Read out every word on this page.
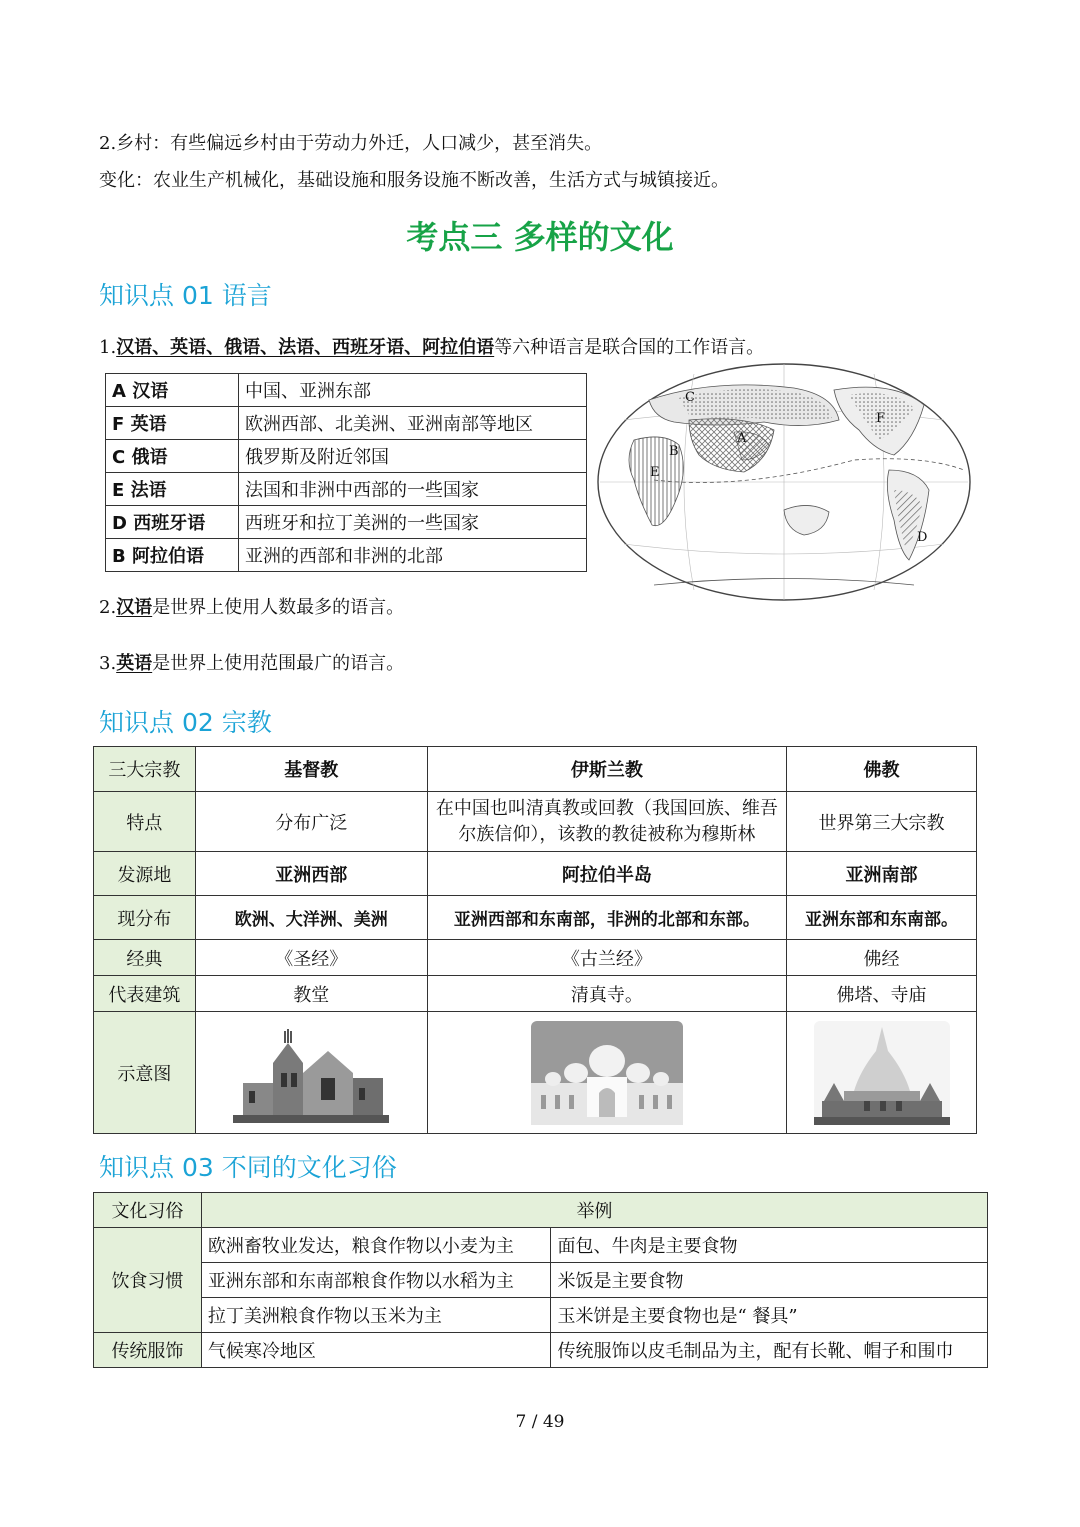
2.乡村：有些偏远乡村由于劳动力外迁，人口减少，甚至消失。
变化：农业生产机械化，基础设施和服务设施不断改善，生活方式与城镇接近。
考点三 多样的文化
知识点 01 语言
1.汉语、英语、俄语、法语、西班牙语、阿拉伯语等六种语言是联合国的工作语言。
A 汉语	中国、亚洲东部
F 英语	欧洲西部、北美洲、亚洲南部等地区
C 俄语	俄罗斯及附近邻国
E 法语	法国和非洲中西部的一些国家
D 西班牙语	西班牙和拉丁美洲的一些国家
B 阿拉伯语	亚洲的西部和非洲的北部
C
A
B
E
F
D
2.汉语是世界上使用人数最多的语言。
3.英语是世界上使用范围最广的语言。
知识点 02 宗教
三大宗教	基督教	伊斯兰教	佛教
特点	分布广泛	在中国也叫清真教或回教（我国回族、维吾尔族信仰），该教的教徒被称为穆斯林	世界第三大宗教
发源地	亚洲西部	阿拉伯半岛	亚洲南部
现分布	欧洲、大洋洲、美洲	亚洲西部和东南部，非洲的北部和东部。	亚洲东部和东南部。
经典	《圣经》	《古兰经》	佛经
代表建筑	教堂	清真寺。	佛塔、寺庙
示意图	

知识点 03 不同的文化习俗
文化习俗	举例	
饮食习惯	欧洲畜牧业发达，粮食作物以小麦为主	面包、牛肉是主要食物
	亚洲东部和东南部粮食作物以水稻为主	米饭是主要食物
	拉丁美洲粮食作物以玉米为主	玉米饼是主要食物也是“ 餐具”
传统服饰	气候寒冷地区	传统服饰以皮毛制品为主，配有长靴、帽子和围巾
7 / 49
